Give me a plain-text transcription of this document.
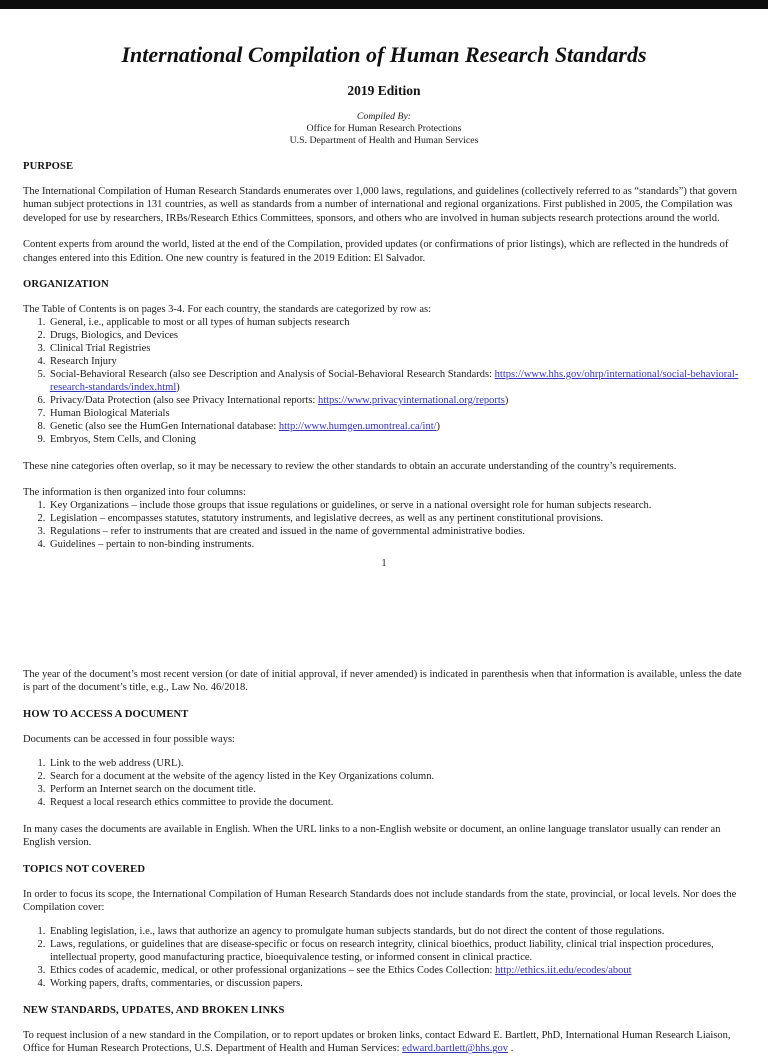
International Compilation of Human Research Standards
2019 Edition
Compiled By:
Office for Human Research Protections
U.S. Department of Health and Human Services
PURPOSE

The International Compilation of Human Research Standards enumerates over 1,000 laws, regulations, and guidelines (collectively referred to as “standards”) that govern human subject protections in 131 countries, as well as standards from a number of international and regional organizations. First published in 2005, the Compilation was developed for use by researchers, IRBs/Research Ethics Committees, sponsors, and others who are involved in human subjects research protections around the world.

Content experts from around the world, listed at the end of the Compilation, provided updates (or confirmations of prior listings), which are reflected in the hundreds of changes entered into this Edition. One new country is featured in the 2019 Edition: El Salvador.

ORGANIZATION

The Table of Contents is on pages 3-4. For each country, the standards are categorized by row as:

1. General, i.e., applicable to most or all types of human subjects research
2. Drugs, Biologics, and Devices
3. Clinical Trial Registries
4. Research Injury
5. Social-Behavioral Research (also see Description and Analysis of Social-Behavioral Research Standards: https://www.hhs.gov/ohrp/international/social-behavioral-research-standards/index.html)
6. Privacy/Data Protection (also see Privacy International reports: https://www.privacyinternational.org/reports)
7. Human Biological Materials
8. Genetic (also see the HumGen International database: http://www.humgen.umontreal.ca/int/)
9. Embryos, Stem Cells, and Cloning

These nine categories often overlap, so it may be necessary to review the other standards to obtain an accurate understanding of the country’s requirements.

The information is then organized into four columns:

1. Key Organizations – include those groups that issue regulations or guidelines, or serve in a national oversight role for human subjects research.
2. Legislation – encompasses statutes, statutory instruments, and legislative decrees, as well as any pertinent constitutional provisions.
3. Regulations – refer to instruments that are created and issued in the name of governmental administrative bodies.
4. Guidelines – pertain to non-binding instruments.
1

The year of the document’s most recent version (or date of initial approval, if never amended) is indicated in parenthesis when that information is available, unless the date is part of the document’s title, e.g., Law No. 46/2018.

HOW TO ACCESS A DOCUMENT

Documents can be accessed in four possible ways:

1. Link to the web address (URL).
2. Search for a document at the website of the agency listed in the Key Organizations column.
3. Perform an Internet search on the document title.
4. Request a local research ethics committee to provide the document.

In many cases the documents are available in English. When the URL links to a non-English website or document, an online language translator usually can render an English version.

TOPICS NOT COVERED

In order to focus its scope, the International Compilation of Human Research Standards does not include standards from the state, provincial, or local levels. Nor does the Compilation cover:

1. Enabling legislation, i.e., laws that authorize an agency to promulgate human subjects standards, but do not direct the content of those regulations.
2. Laws, regulations, or guidelines that are disease-specific or focus on research integrity, clinical bioethics, product liability, clinical trial inspection procedures, intellectual property, good manufacturing practice, bioequivalence testing, or informed consent in clinical practice.
3. Ethics codes of academic, medical, or other professional organizations – see the Ethics Codes Collection: http://ethics.iit.edu/ecodes/about
4. Working papers, drafts, commentaries, or discussion papers.
NEW STANDARDS, UPDATES, AND BROKEN LINKS

To request inclusion of a new standard in the Compilation, or to report updates or broken links, contact Edward E. Bartlett, PhD, International Human Research Liaison, Office for Human Research Protections, U.S. Department of Health and Human Services: edward.bartlett@hhs.gov .
